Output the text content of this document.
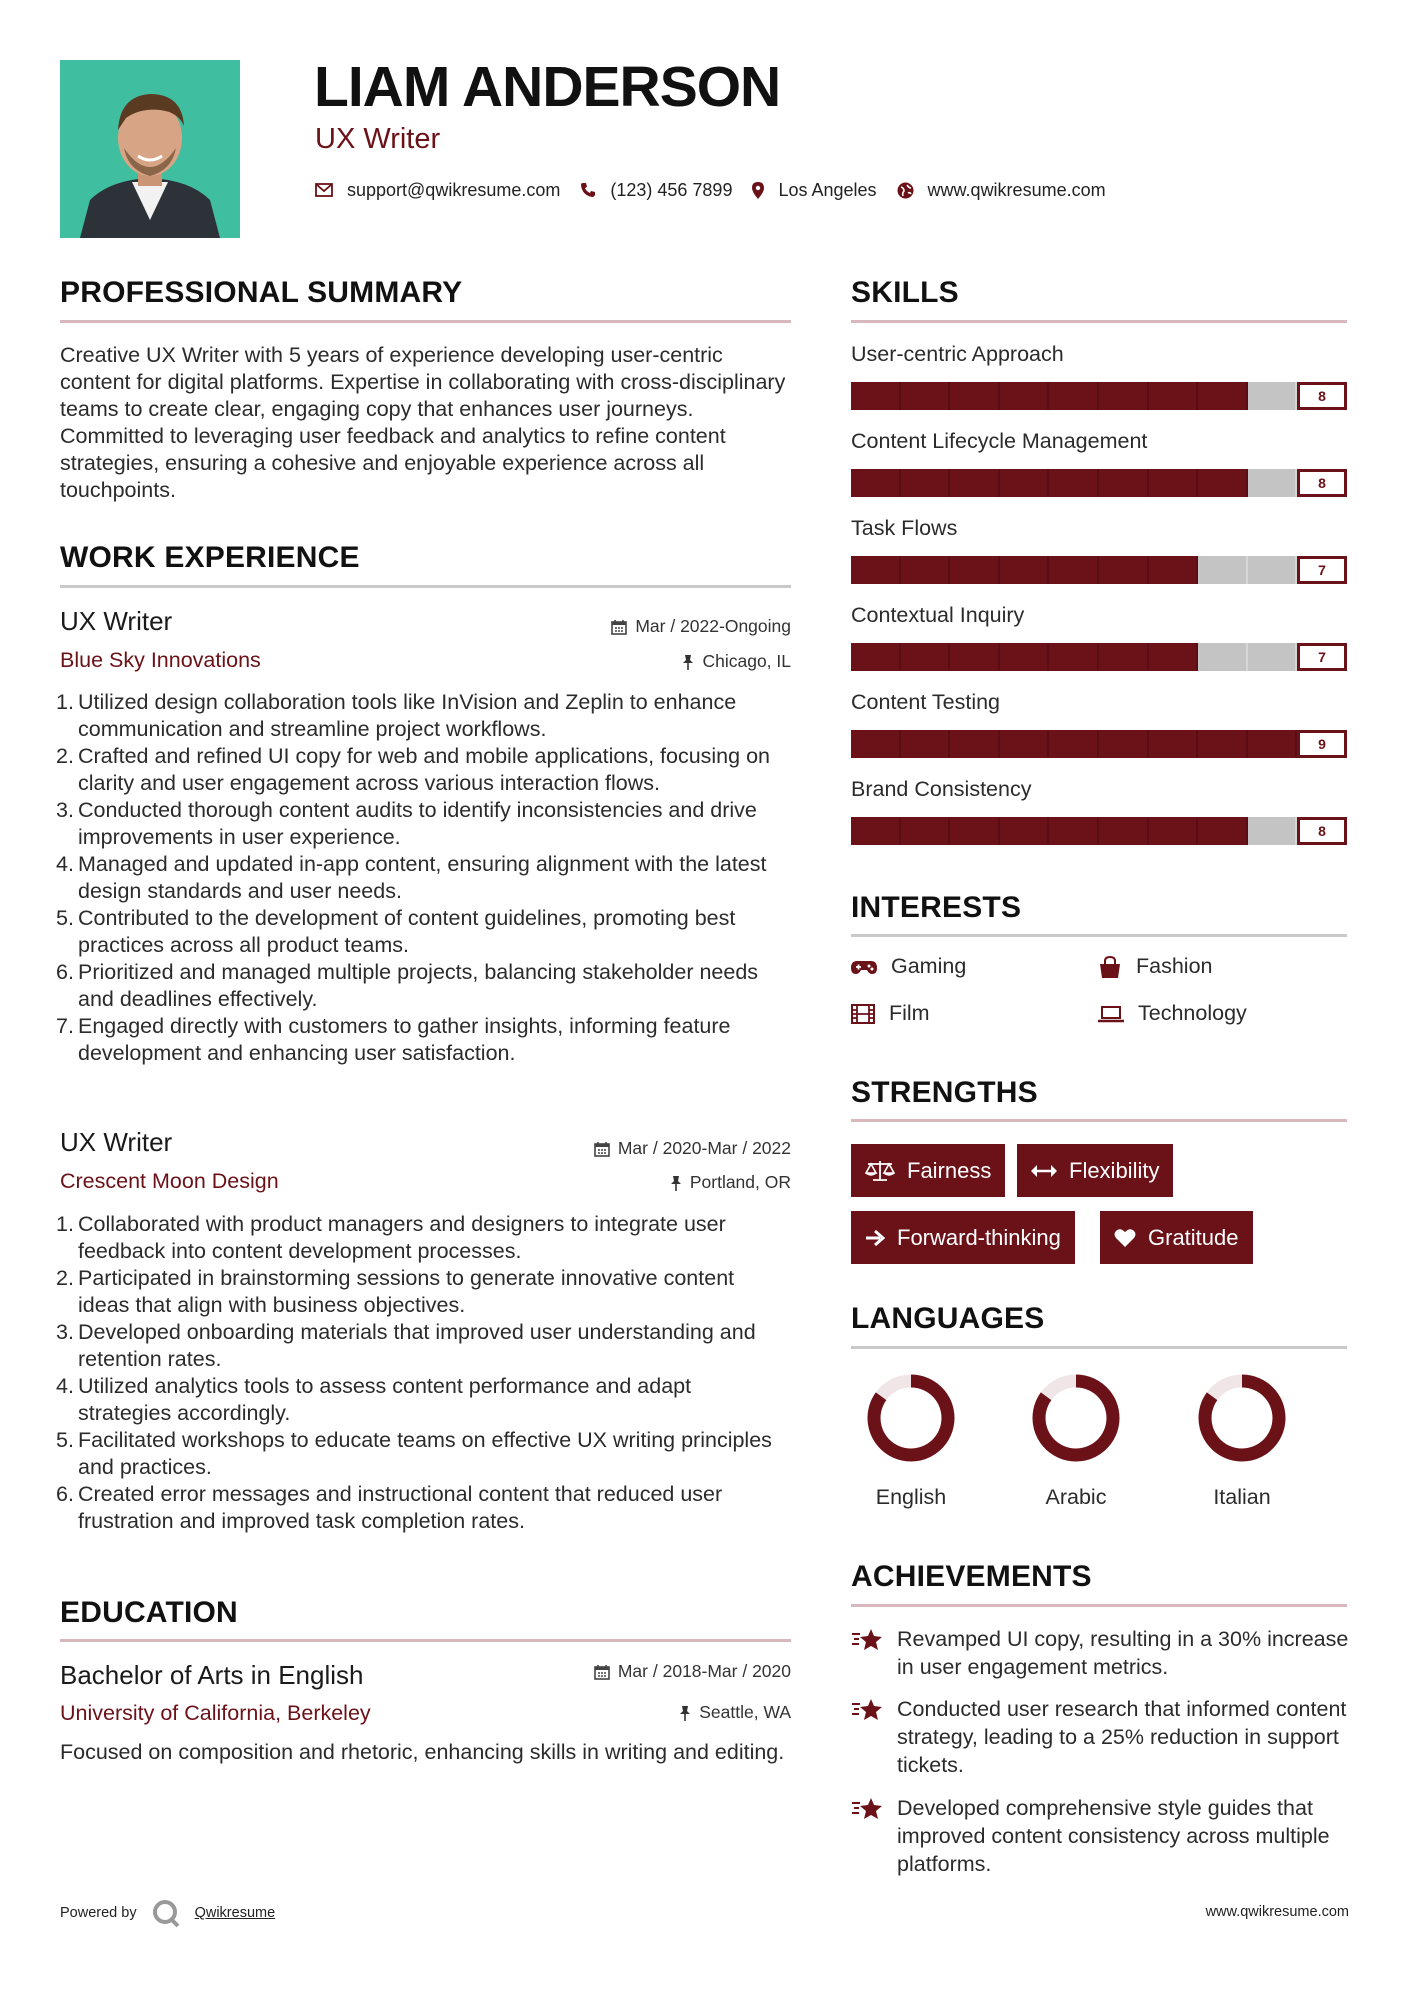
LIAM ANDERSON
UX Writer
support@qwikresume.com	(123) 456 7899	Los Angeles	www.qwikresume.com
PROFESSIONAL SUMMARY
Creative UX Writer with 5 years of experience developing user-centric content for digital platforms. Expertise in collaborating with cross-disciplinary teams to create clear, engaging copy that enhances user journeys. Committed to leveraging user feedback and analytics to refine content strategies, ensuring a cohesive and enjoyable experience across all touchpoints.
WORK EXPERIENCE
UX Writer	Mar / 2022-Ongoing
Blue Sky Innovations	Chicago, IL
1. Utilized design collaboration tools like InVision and Zeplin to enhance communication and streamline project workflows.
2. Crafted and refined UI copy for web and mobile applications, focusing on clarity and user engagement across various interaction flows.
3. Conducted thorough content audits to identify inconsistencies and drive improvements in user experience.
4. Managed and updated in-app content, ensuring alignment with the latest design standards and user needs.
5. Contributed to the development of content guidelines, promoting best practices across all product teams.
6. Prioritized and managed multiple projects, balancing stakeholder needs and deadlines effectively.
7. Engaged directly with customers to gather insights, informing feature development and enhancing user satisfaction.
UX Writer	Mar / 2020-Mar / 2022
Crescent Moon Design	Portland, OR
1. Collaborated with product managers and designers to integrate user feedback into content development processes.
2. Participated in brainstorming sessions to generate innovative content ideas that align with business objectives.
3. Developed onboarding materials that improved user understanding and retention rates.
4. Utilized analytics tools to assess content performance and adapt strategies accordingly.
5. Facilitated workshops to educate teams on effective UX writing principles and practices.
6. Created error messages and instructional content that reduced user frustration and improved task completion rates.
EDUCATION
Bachelor of Arts in English	Mar / 2018-Mar / 2020
University of California, Berkeley	Seattle, WA
Focused on composition and rhetoric, enhancing skills in writing and editing.
SKILLS
User-centric Approach
8
Content Lifecycle Management
8
Task Flows
7
Contextual Inquiry
7
Content Testing
9
Brand Consistency
8
INTERESTS
Gaming	Fashion
Film	Technology
STRENGTHS
Fairness	Flexibility
Forward-thinking	Gratitude
LANGUAGES
English	Arabic	Italian
ACHIEVEMENTS
Revamped UI copy, resulting in a 30% increase in user engagement metrics.
Conducted user research that informed content strategy, leading to a 25% reduction in support tickets.
Developed comprehensive style guides that improved content consistency across multiple platforms.
Powered by	Qwikresume	www.qwikresume.com
